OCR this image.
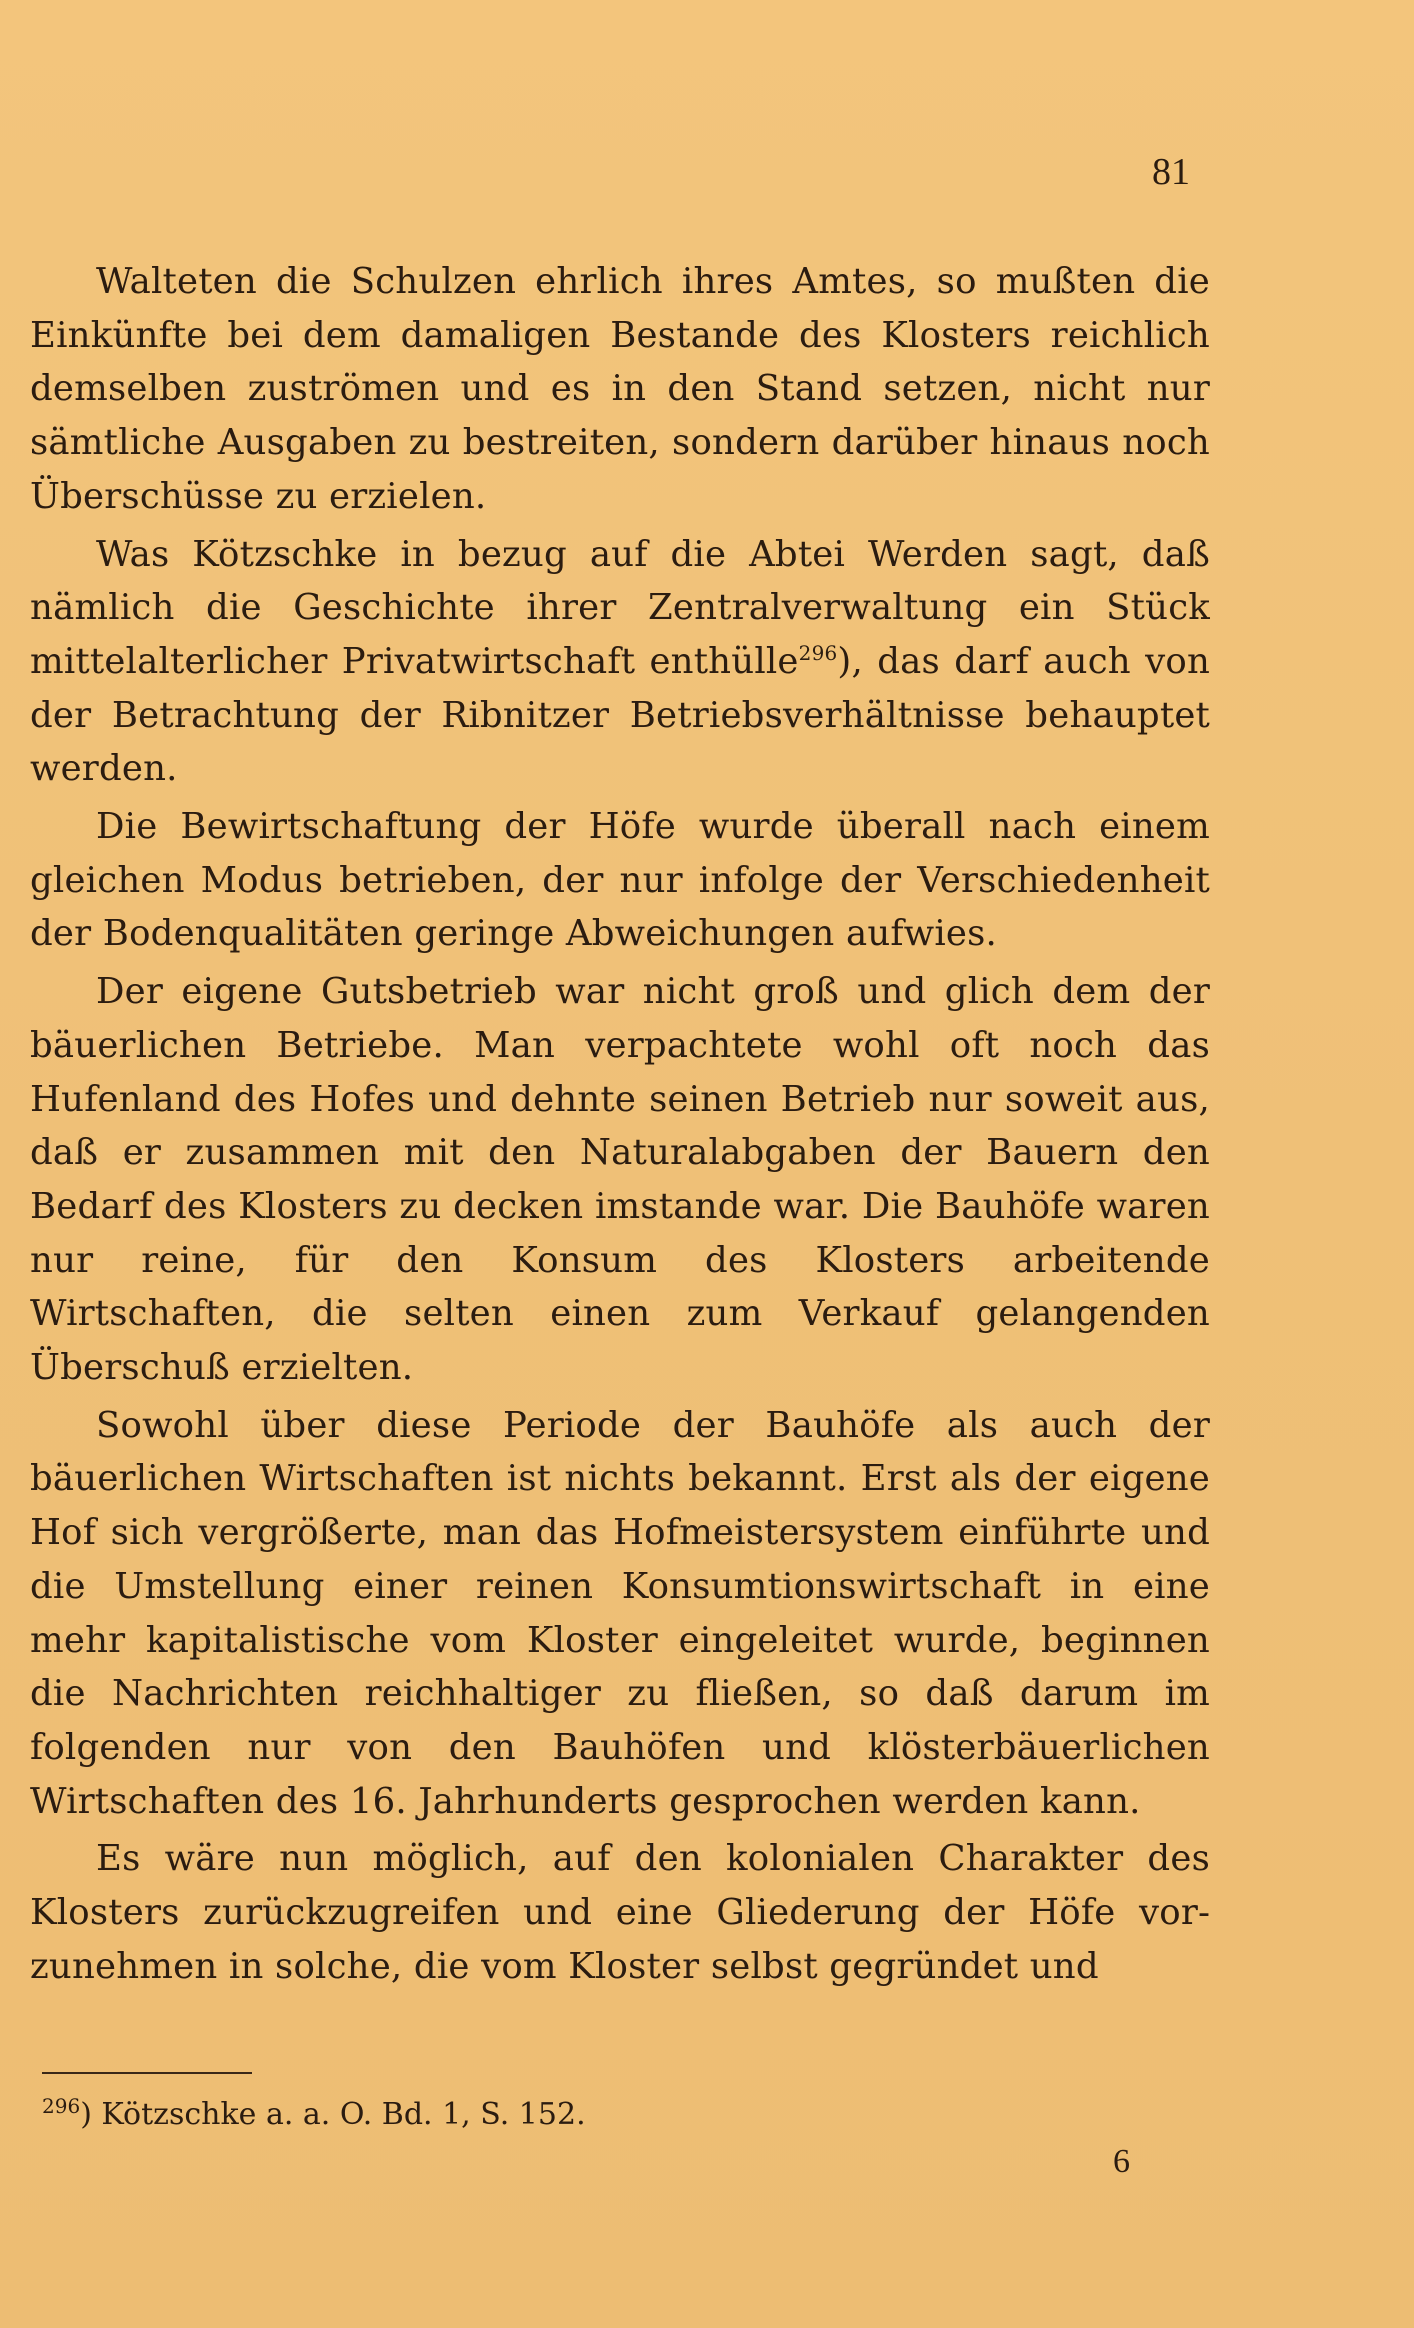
81

Walteten die Schulzen ehrlich ihres Amtes, so mußten die Einkünfte bei dem damaligen Bestande des Klosters reichlich demselben zuströmen und es in den Stand setzen, nicht nur sämtliche Ausgaben zu bestreiten, sondern darüber hinaus noch Überschüsse zu erzielen.

Was Kötzschke in bezug auf die Abtei Werden sagt, daß nämlich die Geschichte ihrer Zentralverwaltung ein Stück mittelalterlicher Privatwirtschaft enthülle$^{296}$), das darf auch von der Betrachtung der Ribnitzer Betriebsverhältnisse behauptet werden.

Die Bewirtschaftung der Höfe wurde überall nach einem gleichen Modus betrieben, der nur infolge der Verschiedenheit der Bodenqualitäten geringe Abweichungen aufwies.

Der eigene Gutsbetrieb war nicht groß und glich dem der bäuerlichen Betriebe. Man verpachtete wohl oft noch das Hufenland des Hofes und dehnte seinen Betrieb nur soweit aus, daß er zusammen mit den Naturalabgaben der Bauern den Bedarf des Klosters zu decken imstande war. Die Bauhöfe waren nur reine, für den Konsum des Klosters arbeitende Wirtschaften, die selten einen zum Verkauf gelangenden Überschuß erzielten.

Sowohl über diese Periode der Bauhöfe als auch der bäuerlichen Wirtschaften ist nichts bekannt. Erst als der eigene Hof sich vergrößerte, man das Hofmeistersystem einführte und die Umstellung einer reinen Konsumtionswirtschaft in eine mehr kapitalistische vom Kloster eingeleitet wurde, beginnen die Nachrichten reichhaltiger zu fließen, so daß darum im folgenden nur von den Bauhöfen und klösterbäuerlichen Wirtschaften des 16. Jahrhunderts gesprochen werden kann.

Es wäre nun möglich, auf den kolonialen Charakter des Klosters zurückzugreifen und eine Gliederung der Höfe vorzunehmen in solche, die vom Kloster selbst gegründet und

$^{296}$) Kötzschke a. a. O. Bd. 1, S. 152.
6
